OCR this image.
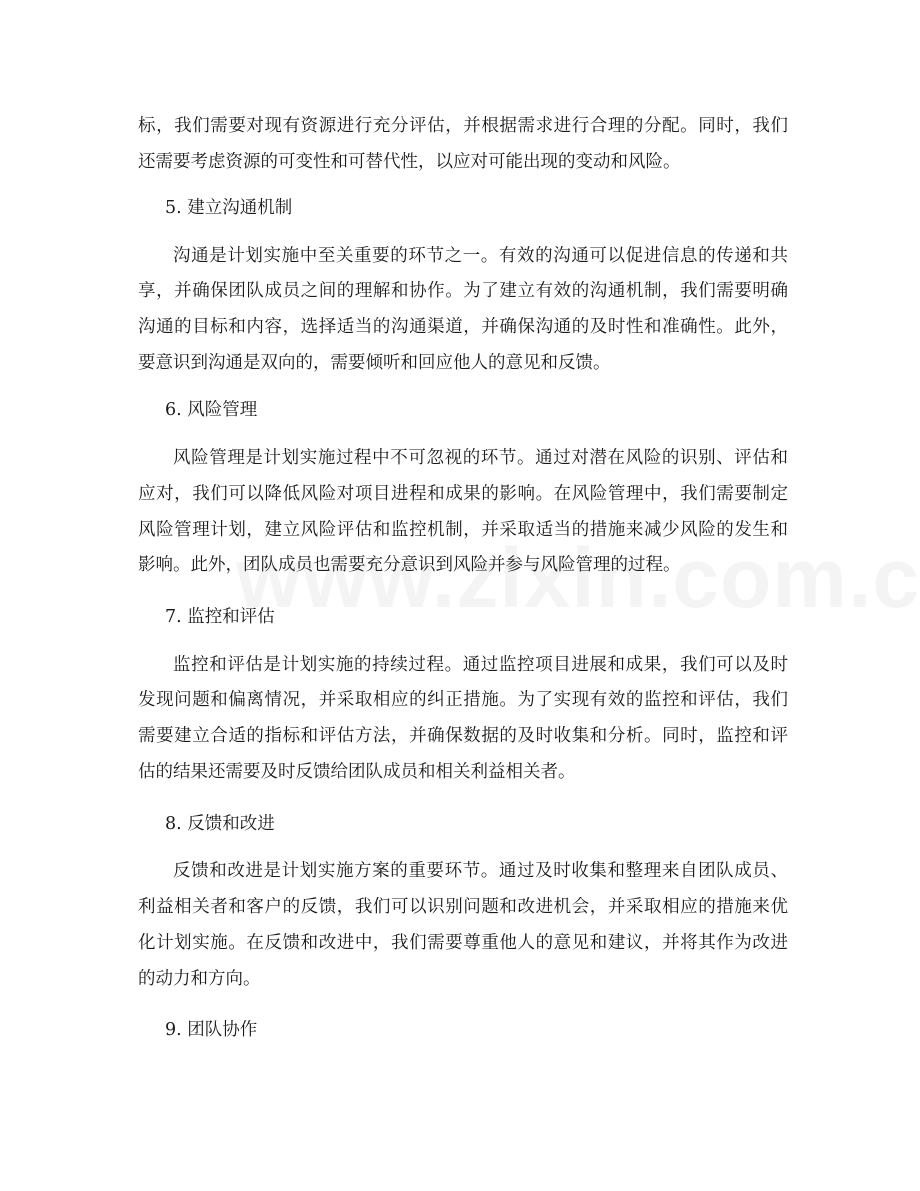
标，我们需要对现有资源进行充分评估，并根据需求进行合理的分配。同时，我们
还需要考虑资源的可变性和可替代性，以应对可能出现的变动和风险。
5. 建立沟通机制
沟通是计划实施中至关重要的环节之一。有效的沟通可以促进信息的传递和共
享，并确保团队成员之间的理解和协作。为了建立有效的沟通机制，我们需要明确
沟通的目标和内容，选择适当的沟通渠道，并确保沟通的及时性和准确性。此外，
要意识到沟通是双向的，需要倾听和回应他人的意见和反馈。
6. 风险管理
风险管理是计划实施过程中不可忽视的环节。通过对潜在风险的识别、评估和
应对，我们可以降低风险对项目进程和成果的影响。在风险管理中，我们需要制定
风险管理计划，建立风险评估和监控机制，并采取适当的措施来减少风险的发生和
影响。此外，团队成员也需要充分意识到风险并参与风险管理的过程。
7. 监控和评估
监控和评估是计划实施的持续过程。通过监控项目进展和成果，我们可以及时
发现问题和偏离情况，并采取相应的纠正措施。为了实现有效的监控和评估，我们
需要建立合适的指标和评估方法，并确保数据的及时收集和分析。同时，监控和评
估的结果还需要及时反馈给团队成员和相关利益相关者。
8. 反馈和改进
反馈和改进是计划实施方案的重要环节。通过及时收集和整理来自团队成员、
利益相关者和客户的反馈，我们可以识别问题和改进机会，并采取相应的措施来优
化计划实施。在反馈和改进中，我们需要尊重他人的意见和建议，并将其作为改进
的动力和方向。
9. 团队协作
